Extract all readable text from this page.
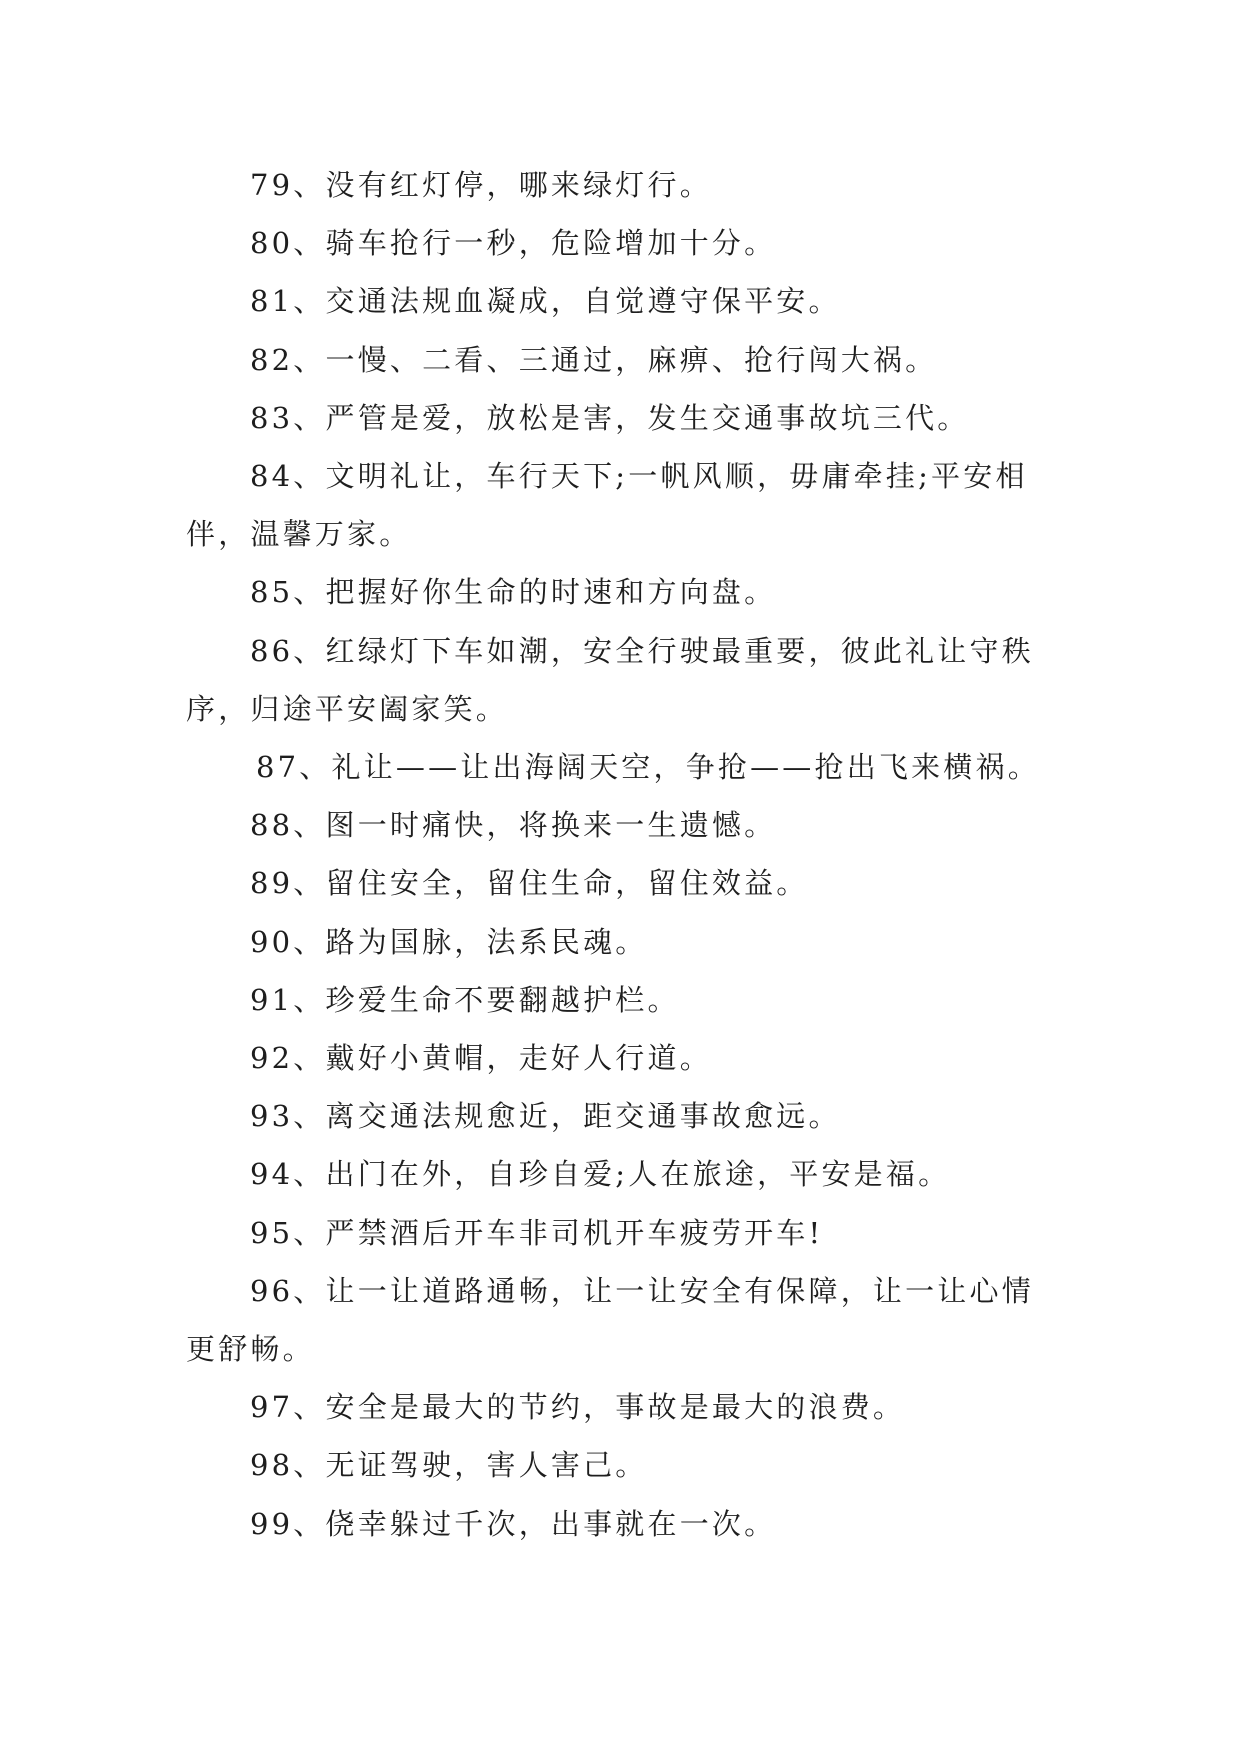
79、没有红灯停，哪来绿灯行。

80、骑车抢行一秒，危险增加十分。

81、交通法规血凝成，自觉遵守保平安。

82、一慢、二看、三通过，麻痹、抢行闯大祸。

83、严管是爱，放松是害，发生交通事故坑三代。

84、文明礼让，车行天下;一帆风顺，毋庸牵挂;平安相伴，温馨万家。

85、把握好你生命的时速和方向盘。

86、红绿灯下车如潮，安全行驶最重要，彼此礼让守秩序，归途平安阖家笑。

87、礼让——让出海阔天空，争抢——抢出飞来横祸。

88、图一时痛快，将换来一生遗憾。

89、留住安全，留住生命，留住效益。

90、路为国脉，法系民魂。

91、珍爱生命不要翻越护栏。

92、戴好小黄帽，走好人行道。

93、离交通法规愈近，距交通事故愈远。

94、出门在外，自珍自爱;人在旅途，平安是福。

95、严禁酒后开车非司机开车疲劳开车!

96、让一让道路通畅，让一让安全有保障，让一让心情更舒畅。

97、安全是最大的节约，事故是最大的浪费。

98、无证驾驶，害人害己。

99、侥幸躲过千次，出事就在一次。
